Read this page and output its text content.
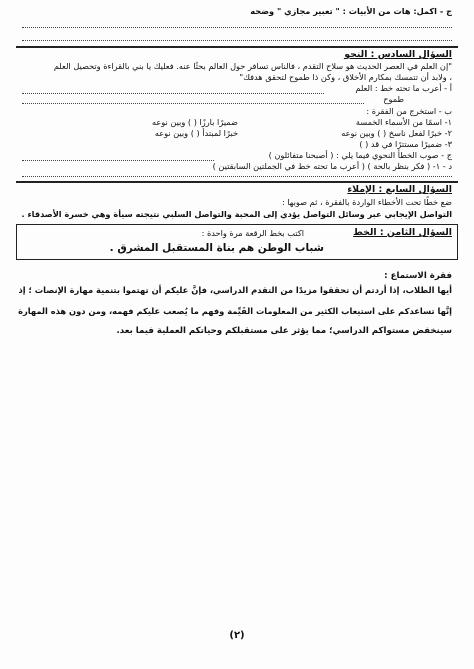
ج - اكمل: هات من الأبيات : " تعبير مجازي " وضحه
السؤال السادس : النحو
"إن العلم في العصر الحديث هو سلاح التقدم ، فالناس تسافر حول العالم بحثًا عنه. فعليك يا بني بالقراءة وتحصيل العلم
، ولابد أن تتمسك بمكارم الأخلاق ، وكن ذا طموح لتحقق هدفك"
أ - أعرب ما تحته خط : العلم
طموح
ب - استخرج من الفقرة :
١- اسمًا من الأسماء الخمسة
ضميرًا بارزًا ( ) وبين نوعه
٢- خبرًا لفعل ناسخ ( ) وبين نوعه
خبرًا لمبتدأ ( ) وبين نوعه
٣- ضميرًا مستترًا في قد ( )
ج - صوب الخطأ النحوي فيما يلي : ( أصبحنا متفائلون )
د - ١- ( فكر بنظر بالحة ) ( أعرب ما تحته خط في الجملتين السابقتين )
السؤال السابع : الإملاء
ضع خطًا تحت الأخطاء الواردة بالفقرة ، ثم صوبها :
التواصل الإيجابي عبر وسائل التواصل يؤدي إلى المحبة والتواصل السلبي نتيجته سيأة وهي خسرة الأصدقاء .
السؤال الثامن : الخط
اكتب بخط الرقعة مرة واحدة :
شباب الوطن هم بناة المستقبل المشرق .
فقرة الاستماع :
أيها الطلاب، إذا أردتم أن تحققوا مزيدًا من التقدم الدراسي، فإنَّ عليكم أن تهتموا بتنمية مهارة الإنصات ؛ إذ
إنَّها تساعدكم على استيعاب الكثير من المعلومات القَيِّمة وفهم ما يُصعب عليكم فهمه، ومن دون هذه المهارة
سينخفض مستواكم الدراسي؛ مما يؤثر على مستقبلكم وحياتكم العملية فيما بعد.
(٢)
